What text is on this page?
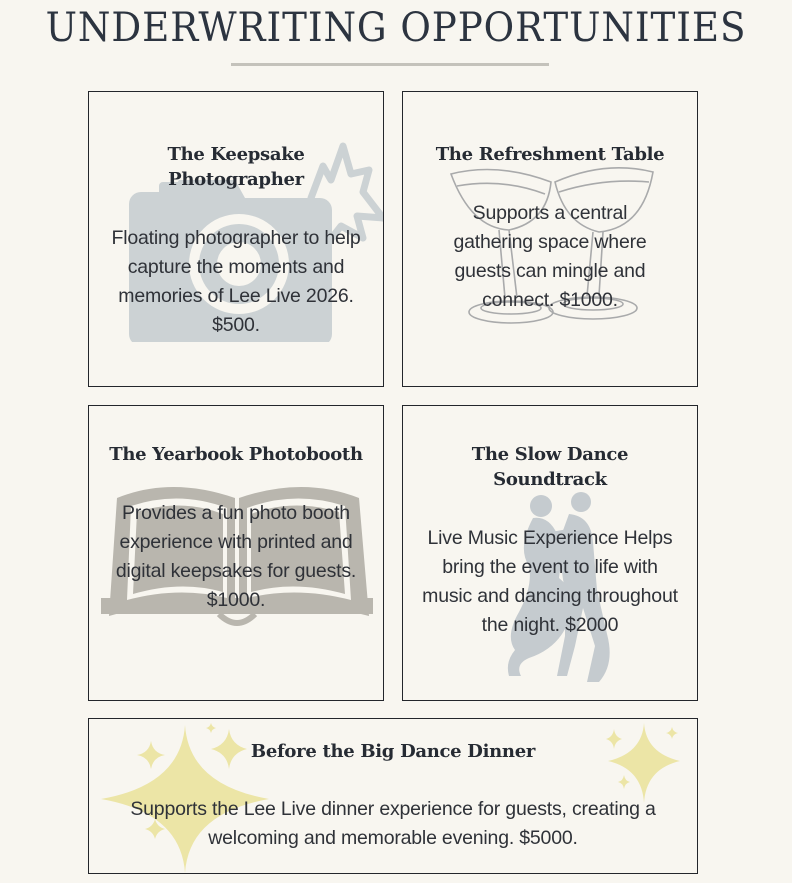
UNDERWRITING OPPORTUNITIES
The Keepsake Photographer

Floating photographer to help capture the moments and memories of Lee Live 2026. $500.

The Refreshment Table

Supports a central gathering space where guests can mingle and connect. $1000.

The Yearbook Photobooth

Provides a fun photo booth experience with printed and digital keepsakes for guests. $1000.

The Slow Dance Soundtrack

Live Music Experience Helps bring the event to life with music and dancing throughout the night. $2000

Before the Big Dance Dinner

Supports the Lee Live dinner experience for guests, creating a welcoming and memorable evening. $5000.
